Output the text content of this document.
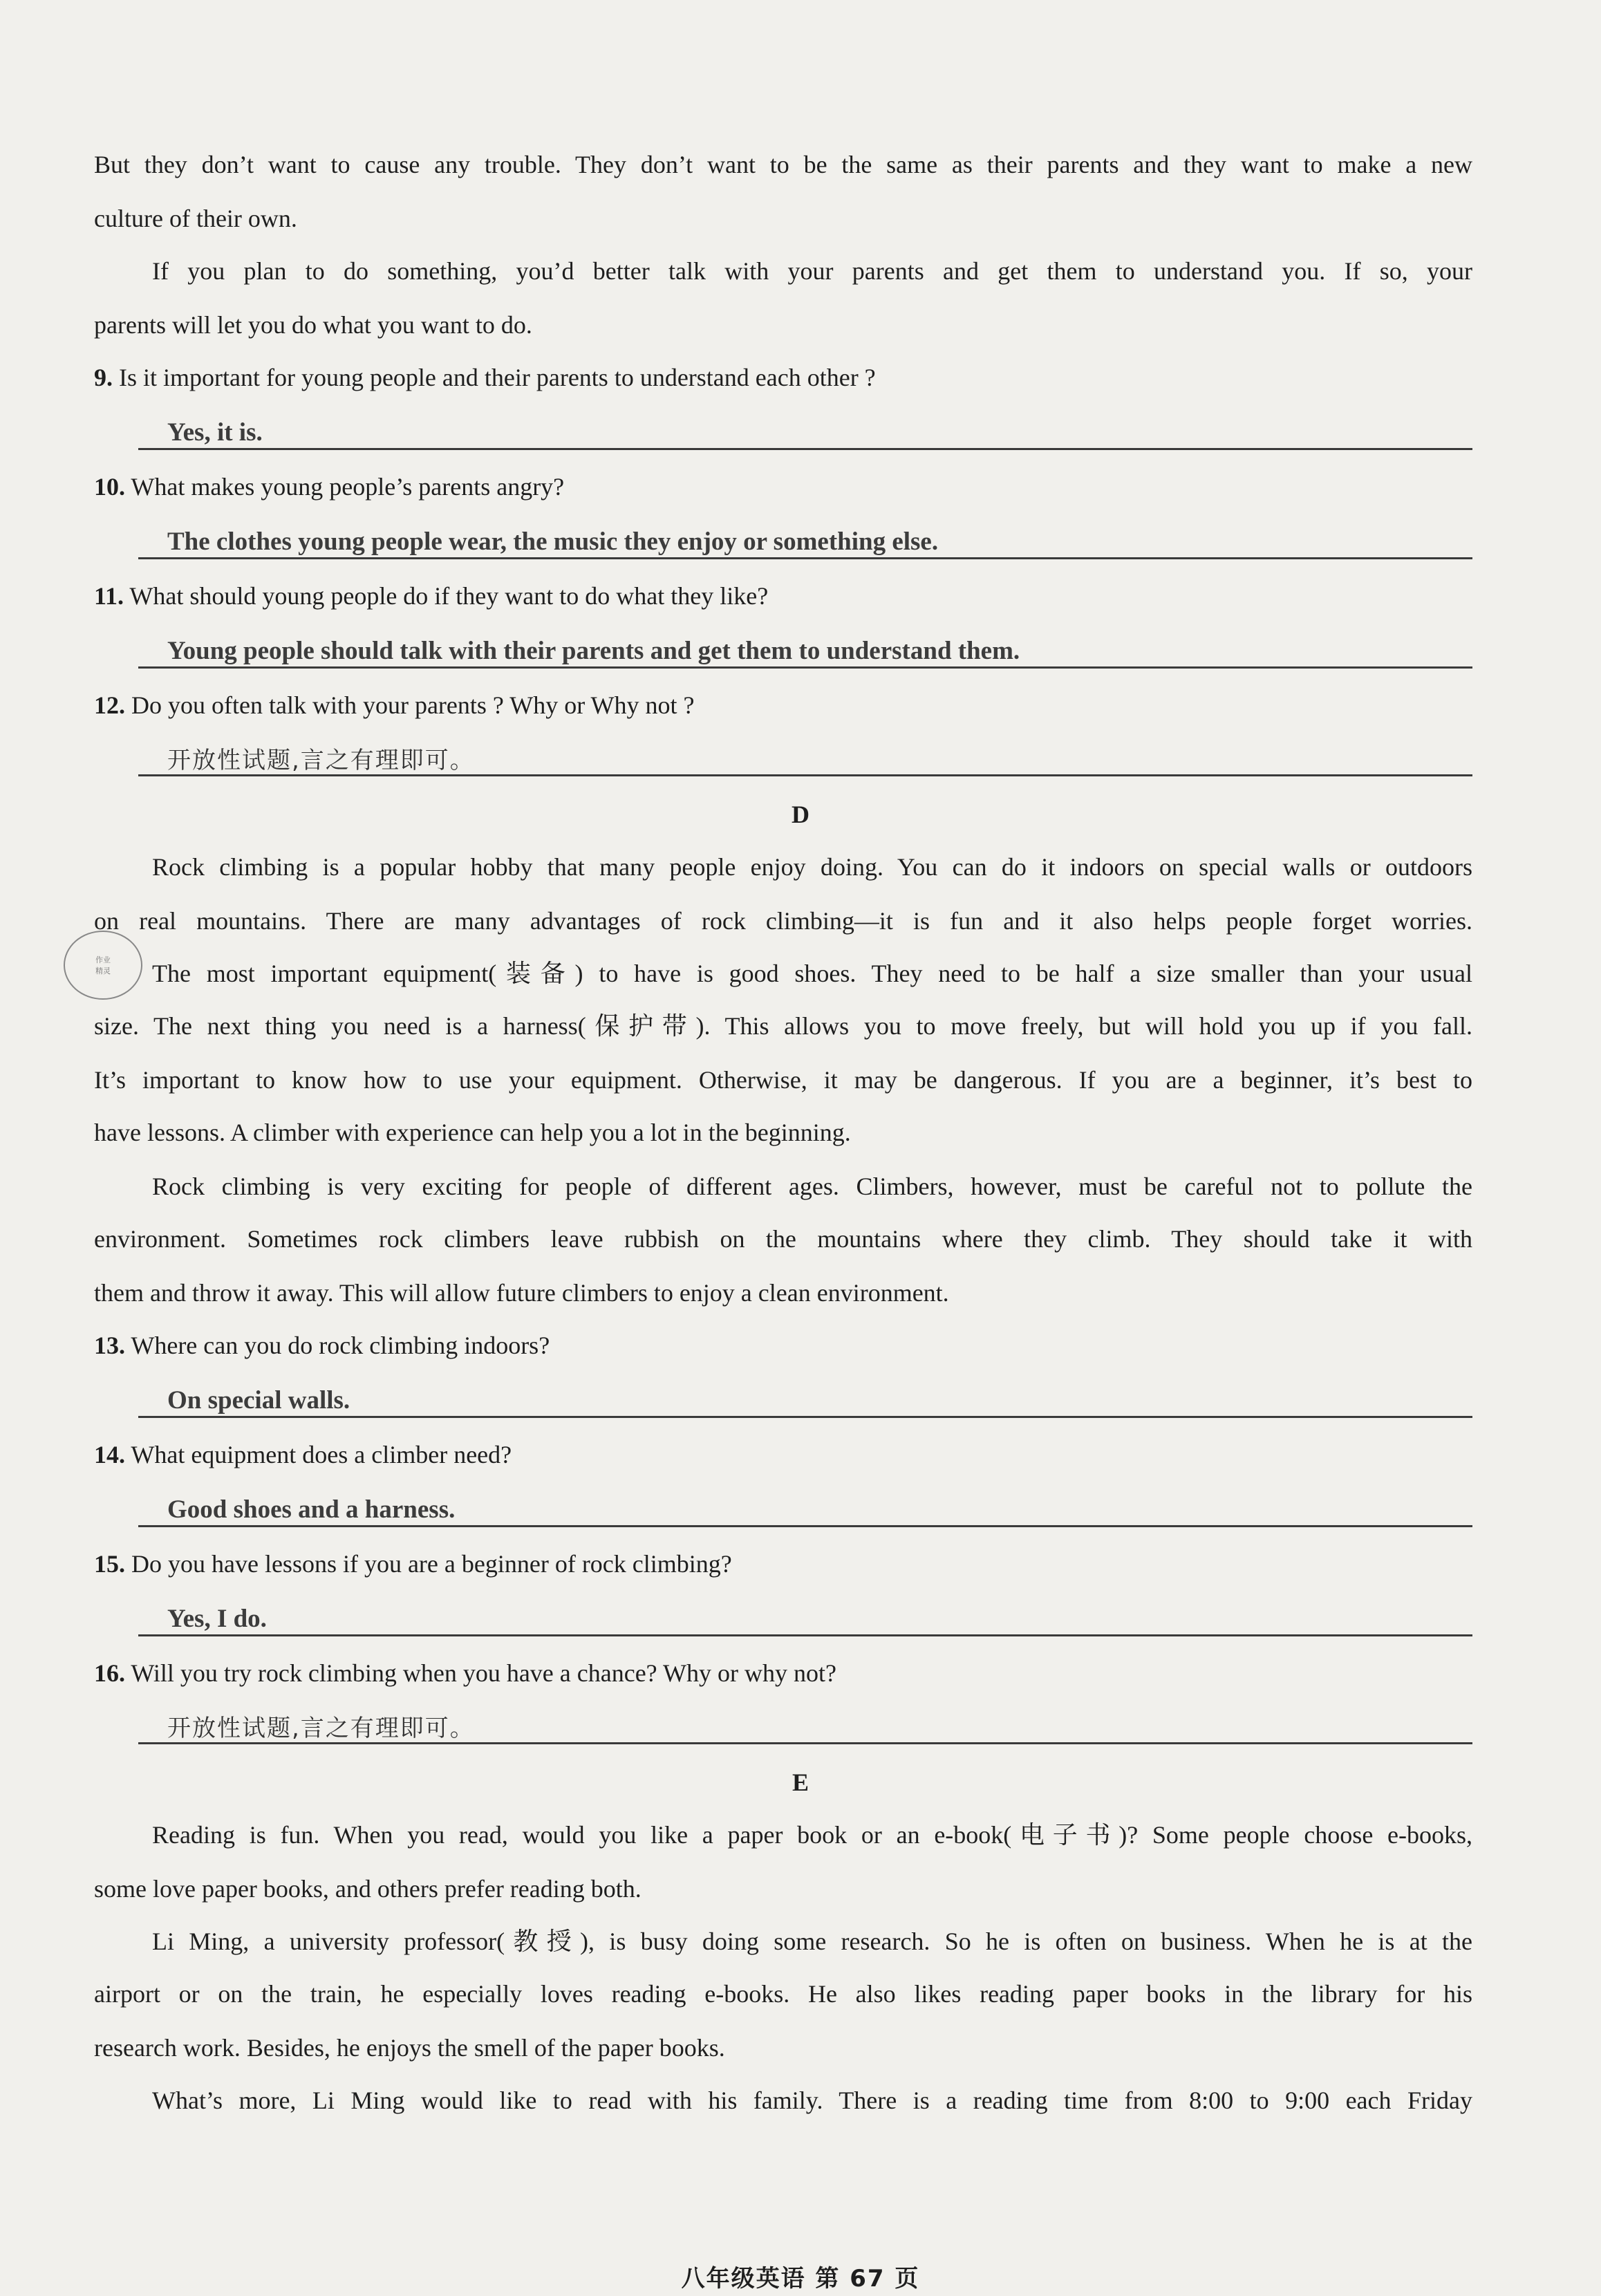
But they don’t want to cause any trouble. They don’t want to be the same as their parents and they want to make a new
culture of their own.
If you plan to do something, you’d better talk with your parents and get them to understand you. If so, your
parents will let you do what you want to do.
9. Is it important for young people and their parents to understand each other ?
Yes, it is.
10. What makes young people’s parents angry?
The clothes young people wear, the music they enjoy or something else.
11. What should young people do if they want to do what they like?
Young people should talk with their parents and get them to understand them.
12. Do you often talk with your parents ? Why or Why not ?
开放性试题,言之有理即可。
D
Rock climbing is a popular hobby that many people enjoy doing. You can do it indoors on special walls or outdoors
on real mountains. There are many advantages of rock climbing—it is fun and it also helps people forget worries.
The most important equipment(装备) to have is good shoes. They need to be half a size smaller than your usual
size. The next thing you need is a harness(保护带). This allows you to move freely, but will hold you up if you fall.
It’s important to know how to use your equipment. Otherwise, it may be dangerous. If you are a beginner, it’s best to
have lessons. A climber with experience can help you a lot in the beginning.
Rock climbing is very exciting for people of different ages. Climbers, however, must be careful not to pollute the
environment. Sometimes rock climbers leave rubbish on the mountains where they climb. They should take it with
them and throw it away. This will allow future climbers to enjoy a clean environment.
作业
精灵
13. Where can you do rock climbing indoors?
On special walls.
14. What equipment does a climber need?
Good shoes and a harness.
15. Do you have lessons if you are a beginner of rock climbing?
Yes, I do.
16. Will you try rock climbing when you have a chance? Why or why not?
开放性试题,言之有理即可。
E
Reading is fun. When you read, would you like a paper book or an e-book(电子书)? Some people choose e-books,
some love paper books, and others prefer reading both.
Li Ming, a university professor(教授), is busy doing some research. So he is often on business. When he is at the
airport or on the train, he especially loves reading e-books. He also likes reading paper books in the library for his
research work. Besides, he enjoys the smell of the paper books.
What’s more, Li Ming would like to read with his family. There is a reading time from 8:00 to 9:00 each Friday
八年级英语 第 67 页
